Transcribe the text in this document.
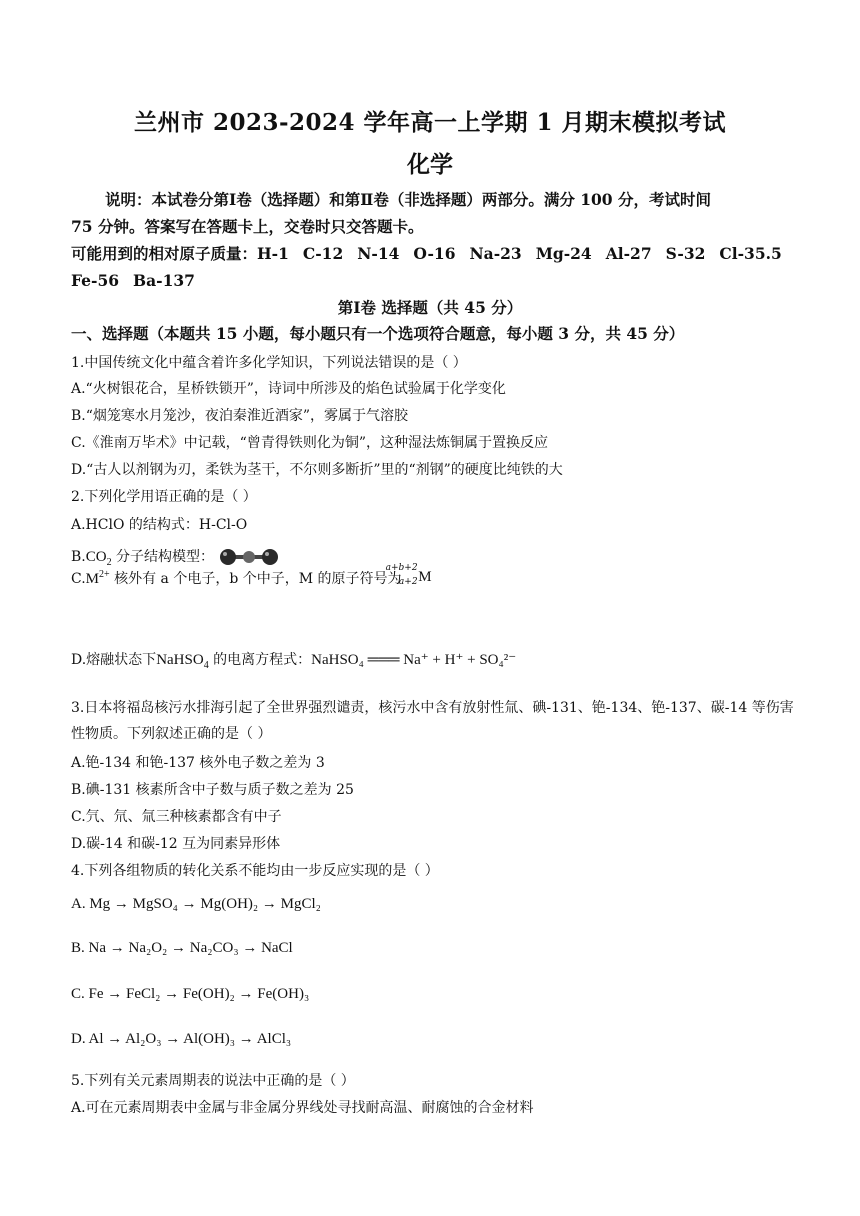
兰州市 2023-2024 学年高一上学期 1 月期末模拟考试
化学
说明：本试卷分第Ⅰ卷（选择题）和第Ⅱ卷（非选择题）两部分。满分 100 分，考试时间
75 分钟。答案写在答题卡上，交卷时只交答题卡。
可能用到的相对原子质量：H-1 C-12 N-14 O-16 Na-23 Mg-24 Al-27 S-32 Cl-35.5
Fe-56 Ba-137
第Ⅰ卷 选择题（共 45 分）
一、选择题（本题共 15 小题，每小题只有一个选项符合题意，每小题 3 分，共 45 分）
1.中国传统文化中蕴含着许多化学知识，下列说法错误的是（ ）
A.“火树银花合，星桥铁锁开”，诗词中所涉及的焰色试验属于化学变化
B.“烟笼寒水月笼沙，夜泊秦淮近酒家”，雾属于气溶胶
C.《淮南万毕术》中记载，“曾青得铁则化为铜”，这种湿法炼铜属于置换反应
D.“古人以剂钢为刃，柔铁为茎干，不尔则多断折”里的“剂钢”的硬度比纯铁的大
2.下列化学用语正确的是（ ）
A.HClO 的结构式：H-Cl-O
$B.CO_2$ 分子结构模型：
$C.M^{2+}$ 核外有 a 个电子，b 个中子，M 的原子符号为
a+b+2
a+2 M
D.熔融状态下NaHSO$_4$ 的电离方程式：NaHSO₄ ═══ Na⁺ + H⁺ + SO₄²⁻
3.日本将福岛核污水排海引起了全世界强烈谴责，核污水中含有放射性氚、碘-131、铯-134、铯-137、碳-14 等伤害性物质。下列叙述正确的是（ ）
A.铯-134 和铯-137 核外电子数之差为 3
B.碘-131 核素所含中子数与质子数之差为 25
C.氕、氘、氚三种核素都含有中子
D.碳-14 和碳-12 互为同素异形体
4.下列各组物质的转化关系不能均由一步反应实现的是（ ）
A. Mg → MgSO₄ → Mg(OH)₂ → MgCl₂
B. Na → Na₂O₂ → Na₂CO₃ → NaCl
C. Fe → FeCl₂ → Fe(OH)₂ → Fe(OH)₃
D. Al → Al₂O₃ → Al(OH)₃ → AlCl₃
5.下列有关元素周期表的说法中正确的是（ ）
A.可在元素周期表中金属与非金属分界线处寻找耐高温、耐腐蚀的合金材料
